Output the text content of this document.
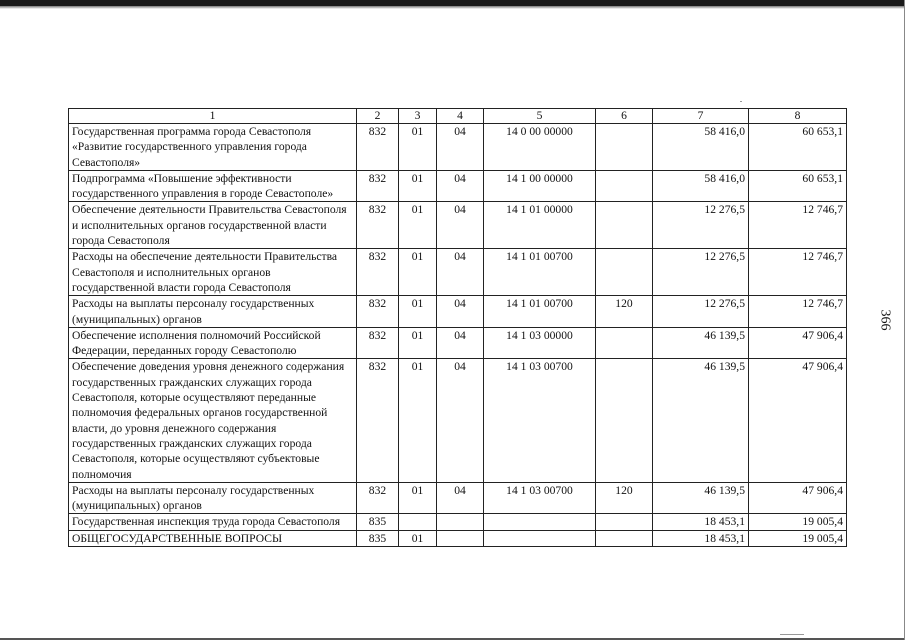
366
1	2	3	4	5	6	7	8
Государственная программа города Севастополя «Развитие государственного управления города Севастополя»	832	01	04	14 0 00 00000		58 416,0	60 653,1
Подпрограмма «Повышение эффективности государственного управления в городе Севастополе»	832	01	04	14 1 00 00000		58 416,0	60 653,1
Обеспечение деятельности Правительства Севастополя и исполнительных органов государственной власти города Севастополя	832	01	04	14 1 01 00000		12 276,5	12 746,7
Расходы на обеспечение деятельности Правительства Севастополя и исполнительных органов государственной власти города Севастополя	832	01	04	14 1 01 00700		12 276,5	12 746,7
Расходы на выплаты персоналу государственных (муниципальных) органов	832	01	04	14 1 01 00700	120	12 276,5	12 746,7
Обеспечение исполнения полномочий Российской Федерации, переданных городу Севастополю	832	01	04	14 1 03 00000		46 139,5	47 906,4
Обеспечение доведения уровня денежного содержания государственных гражданских служащих города Севастополя, которые осуществляют переданные полномочия федеральных органов государственной власти, до уровня денежного содержания государственных гражданских служащих города Севастополя, которые осуществляют субъектовые полномочия	832	01	04	14 1 03 00700		46 139,5	47 906,4
Расходы на выплаты персоналу государственных (муниципальных) органов	832	01	04	14 1 03 00700	120	46 139,5	47 906,4
Государственная инспекция труда города Севастополя	835					18 453,1	19 005,4
ОБЩЕГОСУДАРСТВЕННЫЕ ВОПРОСЫ	835	01				18 453,1	19 005,4
